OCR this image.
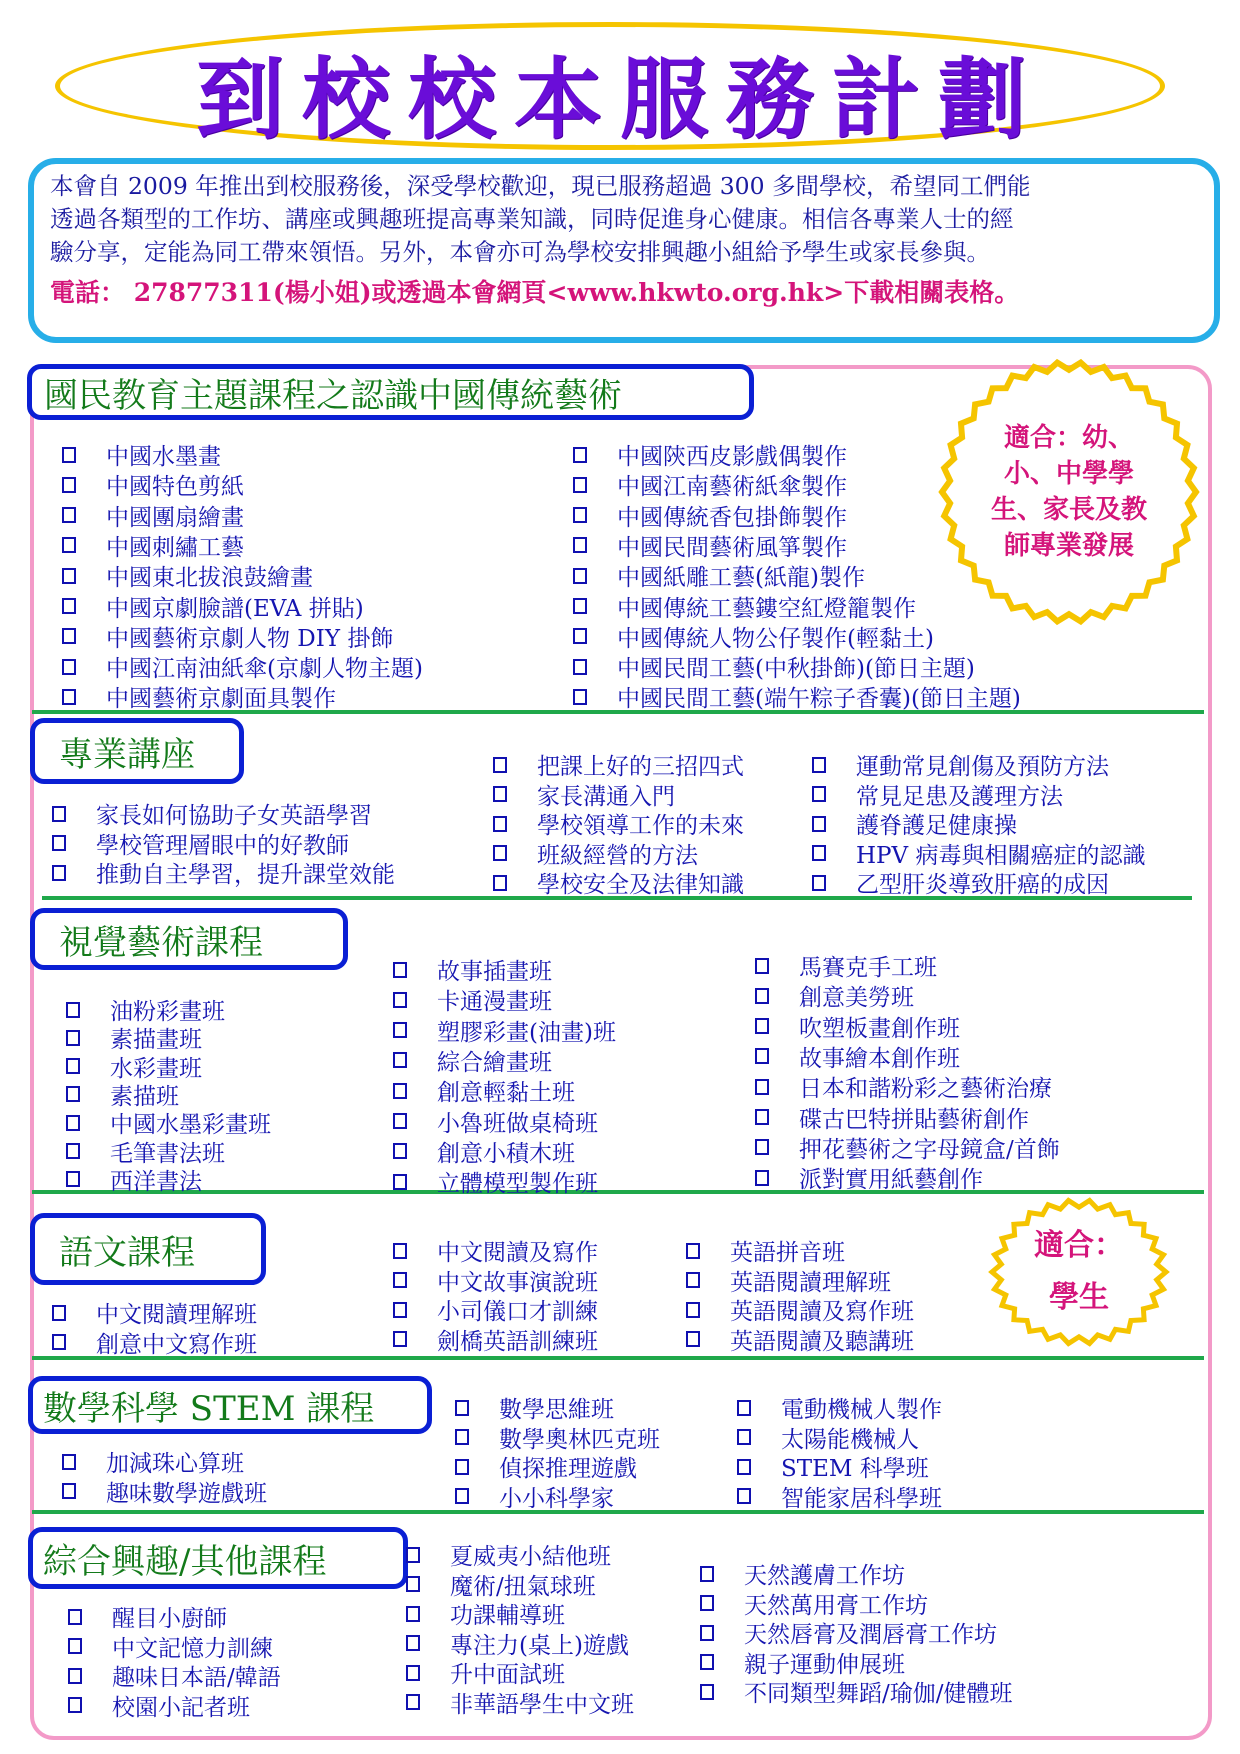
到校校本服務計劃
本會自 2009 年推出到校服務後，深受學校歡迎，現已服務超過 300 多間學校，希望同工們能
透過各類型的工作坊、講座或興趣班提高專業知識，同時促進身心健康。相信各專業人士的經
驗分享，定能為同工帶來領悟。另外，本會亦可為學校安排興趣小組給予學生或家長參與。
電話： 27877311(楊小姐)或透過本會網頁<www.hkwto.org.hk>下載相關表格。
國民教育主題課程之認識中國傳統藝術
中國水墨畫
中國特色剪紙
中國團扇繪畫
中國刺繡工藝
中國東北拔浪鼓繪畫
中國京劇臉譜(EVA 拼貼)
中國藝術京劇人物 DIY 掛飾
中國江南油紙傘(京劇人物主題)
中國藝術京劇面具製作
中國陝西皮影戲偶製作
中國江南藝術紙傘製作
中國傳統香包掛飾製作
中國民間藝術風箏製作
中國紙雕工藝(紙龍)製作
中國傳統工藝鏤空紅燈籠製作
中國傳統人物公仔製作(輕黏土)
中國民間工藝(中秋掛飾)(節日主題)
中國民間工藝(端午粽子香囊)(節日主題)
適合：幼、
小、中學學
生、家長及教
師專業發展
專業講座
家長如何協助子女英語學習
學校管理層眼中的好教師
推動自主學習，提升課堂效能
把課上好的三招四式
家長溝通入門
學校領導工作的未來
班級經營的方法
學校安全及法律知識
運動常見創傷及預防方法
常見足患及護理方法
護脊護足健康操
HPV 病毒與相關癌症的認識
乙型肝炎導致肝癌的成因
視覺藝術課程
油粉彩畫班
素描畫班
水彩畫班
素描班
中國水墨彩畫班
毛筆書法班
西洋書法
故事插畫班
卡通漫畫班
塑膠彩畫(油畫)班
綜合繪畫班
創意輕黏土班
小魯班做桌椅班
創意小積木班
立體模型製作班
馬賽克手工班
創意美勞班
吹塑板畫創作班
故事繪本創作班
日本和諧粉彩之藝術治療
碟古巴特拼貼藝術創作
押花藝術之字母鏡盒/首飾
派對實用紙藝創作
語文課程
中文閱讀理解班
創意中文寫作班
中文閱讀及寫作
中文故事演說班
小司儀口才訓練
劍橋英語訓練班
英語拼音班
英語閱讀理解班
英語閱讀及寫作班
英語閱讀及聽講班
適合：
學生
數學科學 STEM 課程
加減珠心算班
趣味數學遊戲班
數學思維班
數學奧林匹克班
偵探推理遊戲
小小科學家
電動機械人製作
太陽能機械人
STEM 科學班
智能家居科學班
綜合興趣/其他課程
醒目小廚師
中文記憶力訓練
趣味日本語/韓語
校園小記者班
夏威夷小結他班
魔術/扭氣球班
功課輔導班
專注力(桌上)遊戲
升中面試班
非華語學生中文班
天然護膚工作坊
天然萬用膏工作坊
天然唇膏及潤唇膏工作坊
親子運動伸展班
不同類型舞蹈/瑜伽/健體班
